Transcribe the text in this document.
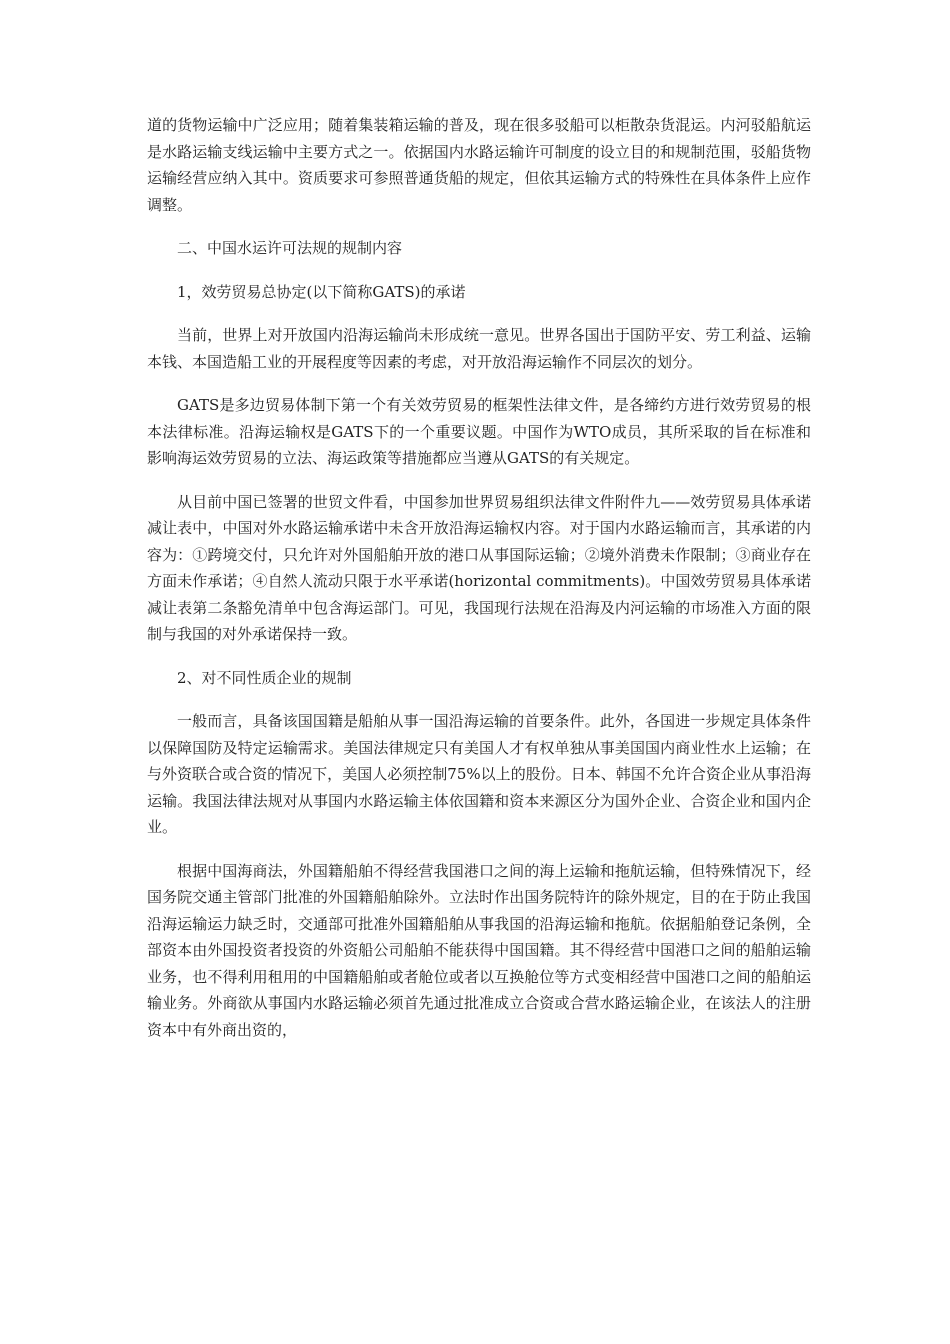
道的货物运输中广泛应用；随着集装箱运输的普及，现在很多驳船可以柜散杂货混运。内河驳船航运是水路运输支线运输中主要方式之一。依据国内水路运输许可制度的设立目的和规制范围，驳船货物运输经营应纳入其中。资质要求可参照普通货船的规定，但依其运输方式的特殊性在具体条件上应作调整。

二、中国水运许可法规的规制内容

1，效劳贸易总协定(以下简称GATS)的承诺

当前，世界上对开放国内沿海运输尚未形成统一意见。世界各国出于国防平安、劳工利益、运输本钱、本国造船工业的开展程度等因素的考虑，对开放沿海运输作不同层次的划分。

GATS是多边贸易体制下第一个有关效劳贸易的框架性法律文件，是各缔约方进行效劳贸易的根本法律标准。沿海运输权是GATS下的一个重要议题。中国作为WTO成员，其所采取的旨在标准和影响海运效劳贸易的立法、海运政策等措施都应当遵从GATS的有关规定。

从目前中国已签署的世贸文件看，中国参加世界贸易组织法律文件附件九——效劳贸易具体承诺减让表中，中国对外水路运输承诺中未含开放沿海运输权内容。对于国内水路运输而言，其承诺的内容为：①跨境交付，只允许对外国船舶开放的港口从事国际运输；②境外消费未作限制；③商业存在方面未作承诺；④自然人流动只限于水平承诺(horizontal commitments)。中国效劳贸易具体承诺减让表第二条豁免清单中包含海运部门。可见，我国现行法规在沿海及内河运输的市场准入方面的限制与我国的对外承诺保持一致。

2、对不同性质企业的规制

一般而言，具备该国国籍是船舶从事一国沿海运输的首要条件。此外，各国进一步规定具体条件以保障国防及特定运输需求。美国法律规定只有美国人才有权单独从事美国国内商业性水上运输；在与外资联合或合资的情况下，美国人必须控制75%以上的股份。日本、韩国不允许合资企业从事沿海运输。我国法律法规对从事国内水路运输主体依国籍和资本来源区分为国外企业、合资企业和国内企业。

根据中国海商法，外国籍船舶不得经营我国港口之间的海上运输和拖航运输，但特殊情况下，经国务院交通主管部门批准的外国籍船舶除外。立法时作出国务院特许的除外规定，目的在于防止我国沿海运输运力缺乏时，交通部可批准外国籍船舶从事我国的沿海运输和拖航。依据船舶登记条例，全部资本由外国投资者投资的外资船公司船舶不能获得中国国籍。其不得经营中国港口之间的船舶运输业务，也不得利用租用的中国籍船舶或者舱位或者以互换舱位等方式变相经营中国港口之间的船舶运输业务。外商欲从事国内水路运输必须首先通过批准成立合资或合营水路运输企业，在该法人的注册资本中有外商出资的，
